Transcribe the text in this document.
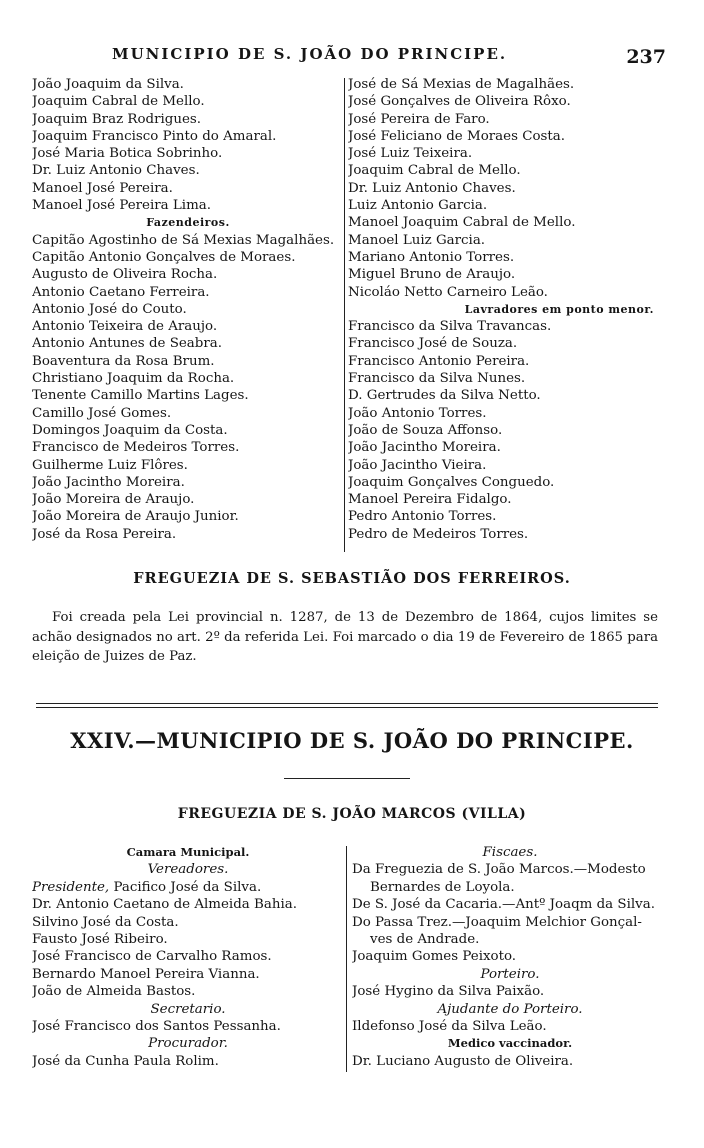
MUNICIPIO DE S. JOÃO DO PRINCIPE.	237
João Joaquim da Silva.
Joaquim Cabral de Mello.
Joaquim Braz Rodrigues.
Joaquim Francisco Pinto do Amaral.
José Maria Botica Sobrinho.
Dr. Luiz Antonio Chaves.
Manoel José Pereira.
Manoel José Pereira Lima.
Fazendeiros.
Capitão Agostinho de Sá Mexias Magalhães.
Capitão Antonio Gonçalves de Moraes.
Augusto de Oliveira Rocha.
Antonio Caetano Ferreira.
Antonio José do Couto.
Antonio Teixeira de Araujo.
Antonio Antunes de Seabra.
Boaventura da Rosa Brum.
Christiano Joaquim da Rocha.
Tenente Camillo Martins Lages.
Camillo José Gomes.
Domingos Joaquim da Costa.
Francisco de Medeiros Torres.
Guilherme Luiz Flôres.
João Jacintho Moreira.
João Moreira de Araujo.
João Moreira de Araujo Junior.
José da Rosa Pereira.
José de Sá Mexias de Magalhães.
José Gonçalves de Oliveira Rôxo.
José Pereira de Faro.
José Feliciano de Moraes Costa.
José Luiz Teixeira.
Joaquim Cabral de Mello.
Dr. Luiz Antonio Chaves.
Luiz Antonio Garcia.
Manoel Joaquim Cabral de Mello.
Manoel Luiz Garcia.
Mariano Antonio Torres.
Miguel Bruno de Araujo.
Nicoláo Netto Carneiro Leão.
Lavradores em ponto menor.
Francisco da Silva Travancas.
Francisco José de Souza.
Francisco Antonio Pereira.
Francisco da Silva Nunes.
D. Gertrudes da Silva Netto.
João Antonio Torres.
João de Souza Affonso.
João Jacintho Moreira.
João Jacintho Vieira.
Joaquim Gonçalves Conguedo.
Manoel Pereira Fidalgo.
Pedro Antonio Torres.
Pedro de Medeiros Torres.
FREGUEZIA DE S. SEBASTIÃO DOS FERREIROS.

Foi creada pela Lei provincial n. 1287, de 13 de Dezembro de 1864, cujos limites se achão designados no art. 2º da referida Lei. Foi marcado o dia 19 de Fevereiro de 1865 para eleição de Juizes de Paz.

XXIV.—MUNICIPIO DE S. JOÃO DO PRINCIPE.
FREGUEZIA DE S. JOÃO MARCOS (VILLA)
Camara Municipal.
Vereadores.
Presidente, Pacifico José da Silva.
Dr. Antonio Caetano de Almeida Bahia.
Silvino José da Costa.
Fausto José Ribeiro.
José Francisco de Carvalho Ramos.
Bernardo Manoel Pereira Vianna.
João de Almeida Bastos.
Secretario.
José Francisco dos Santos Pessanha.
Procurador.
José da Cunha Paula Rolim.
Fiscaes.
Da Freguezia de S. João Marcos.—Modesto
Bernardes de Loyola.
De S. José da Cacaria.—Antº Joaqm da Silva.
Do Passa Trez.—Joaquim Melchior Gonçal-
ves de Andrade.
Joaquim Gomes Peixoto.
Porteiro.
José Hygino da Silva Paixão.
Ajudante do Porteiro.
Ildefonso José da Silva Leão.
Medico vaccinador.
Dr. Luciano Augusto de Oliveira.
